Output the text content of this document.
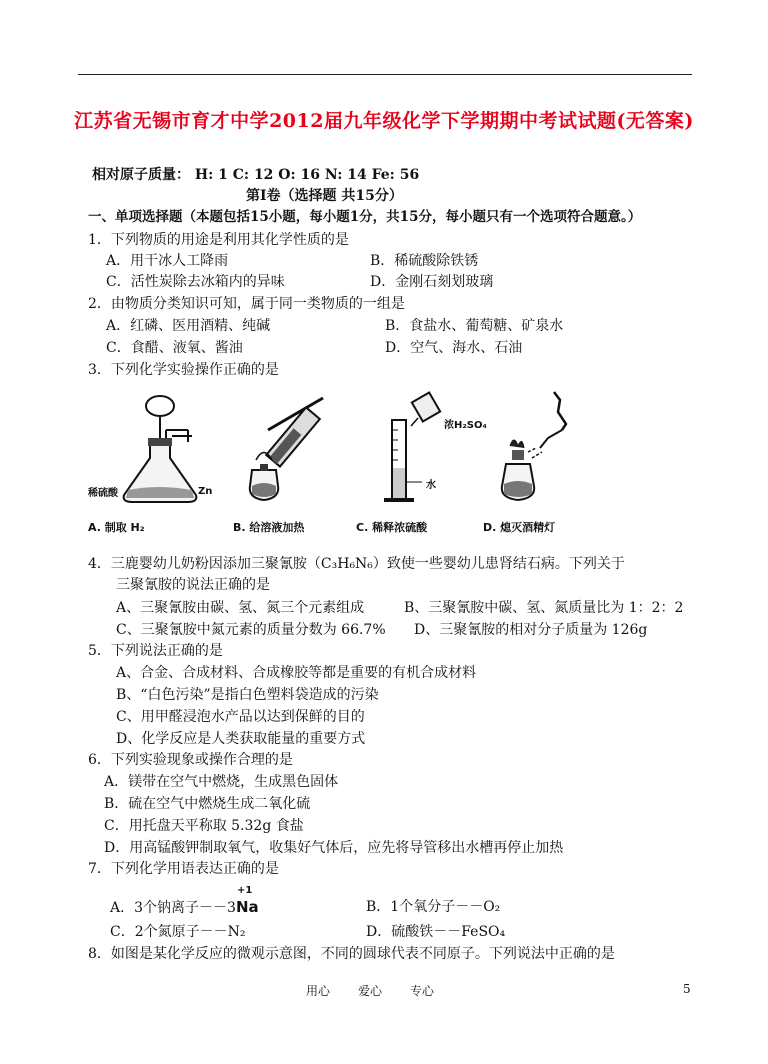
江苏省无锡市育才中学2012届九年级化学下学期期中考试试题(无答案)
相对原子质量： H: 1 C: 12 O: 16 N: 14 Fe: 56
第Ⅰ卷（选择题 共15分）
一、单项选择题（本题包括15小题，每小题1分，共15分，每小题只有一个选项符合题意。）
1．下列物质的用途是利用其化学性质的是
A．用干冰人工降雨	B．稀硫酸除铁锈
C．活性炭除去冰箱内的异味	D．金刚石刻划玻璃
2．由物质分类知识可知，属于同一类物质的一组是
A．红磷、医用酒精、纯碱	B．食盐水、葡萄糖、矿泉水
C．食醋、液氧、酱油	D．空气、海水、石油
3．下列化学实验操作正确的是
稀硫酸	Zn
A. 制取 H₂	B. 给溶液加热
浓H₂SO₄
水
C. 稀释浓硫酸	D. 熄灭酒精灯
4．三鹿婴幼儿奶粉因添加三聚氰胺（C₃H₆N₆）致使一些婴幼儿患肾结石病。下列关于
三聚氰胺的说法正确的是
A、三聚氰胺由碳、氢、氮三个元素组成	B、三聚氰胺中碳、氢、氮质量比为 1：2：2
C、三聚氰胺中氮元素的质量分数为 66.7% D、三聚氰胺的相对分子质量为 126g
5．下列说法正确的是
A、合金、合成材料、合成橡胶等都是重要的有机合成材料
B、“白色污染”是指白色塑料袋造成的污染
C、用甲醛浸泡水产品以达到保鲜的目的
D、化学反应是人类获取能量的重要方式
6．下列实验现象或操作合理的是
A．镁带在空气中燃烧，生成黑色固体
B．硫在空气中燃烧生成二氧化硫
C．用托盘天平称取 5.32g 食盐
D．用高锰酸钾制取氧气，收集好气体后，应先将导管移出水槽再停止加热
7．下列化学用语表达正确的是
A．3个钠离子－－3
+1
Na	B．1个氧分子－－O₂
C．2个氮原子－－N₂	D．硫酸铁－－FeSO₄
8．如图是某化学反应的微观示意图，不同的圆球代表不同原子。下列说法中正确的是
用心 爱心 专心	5
